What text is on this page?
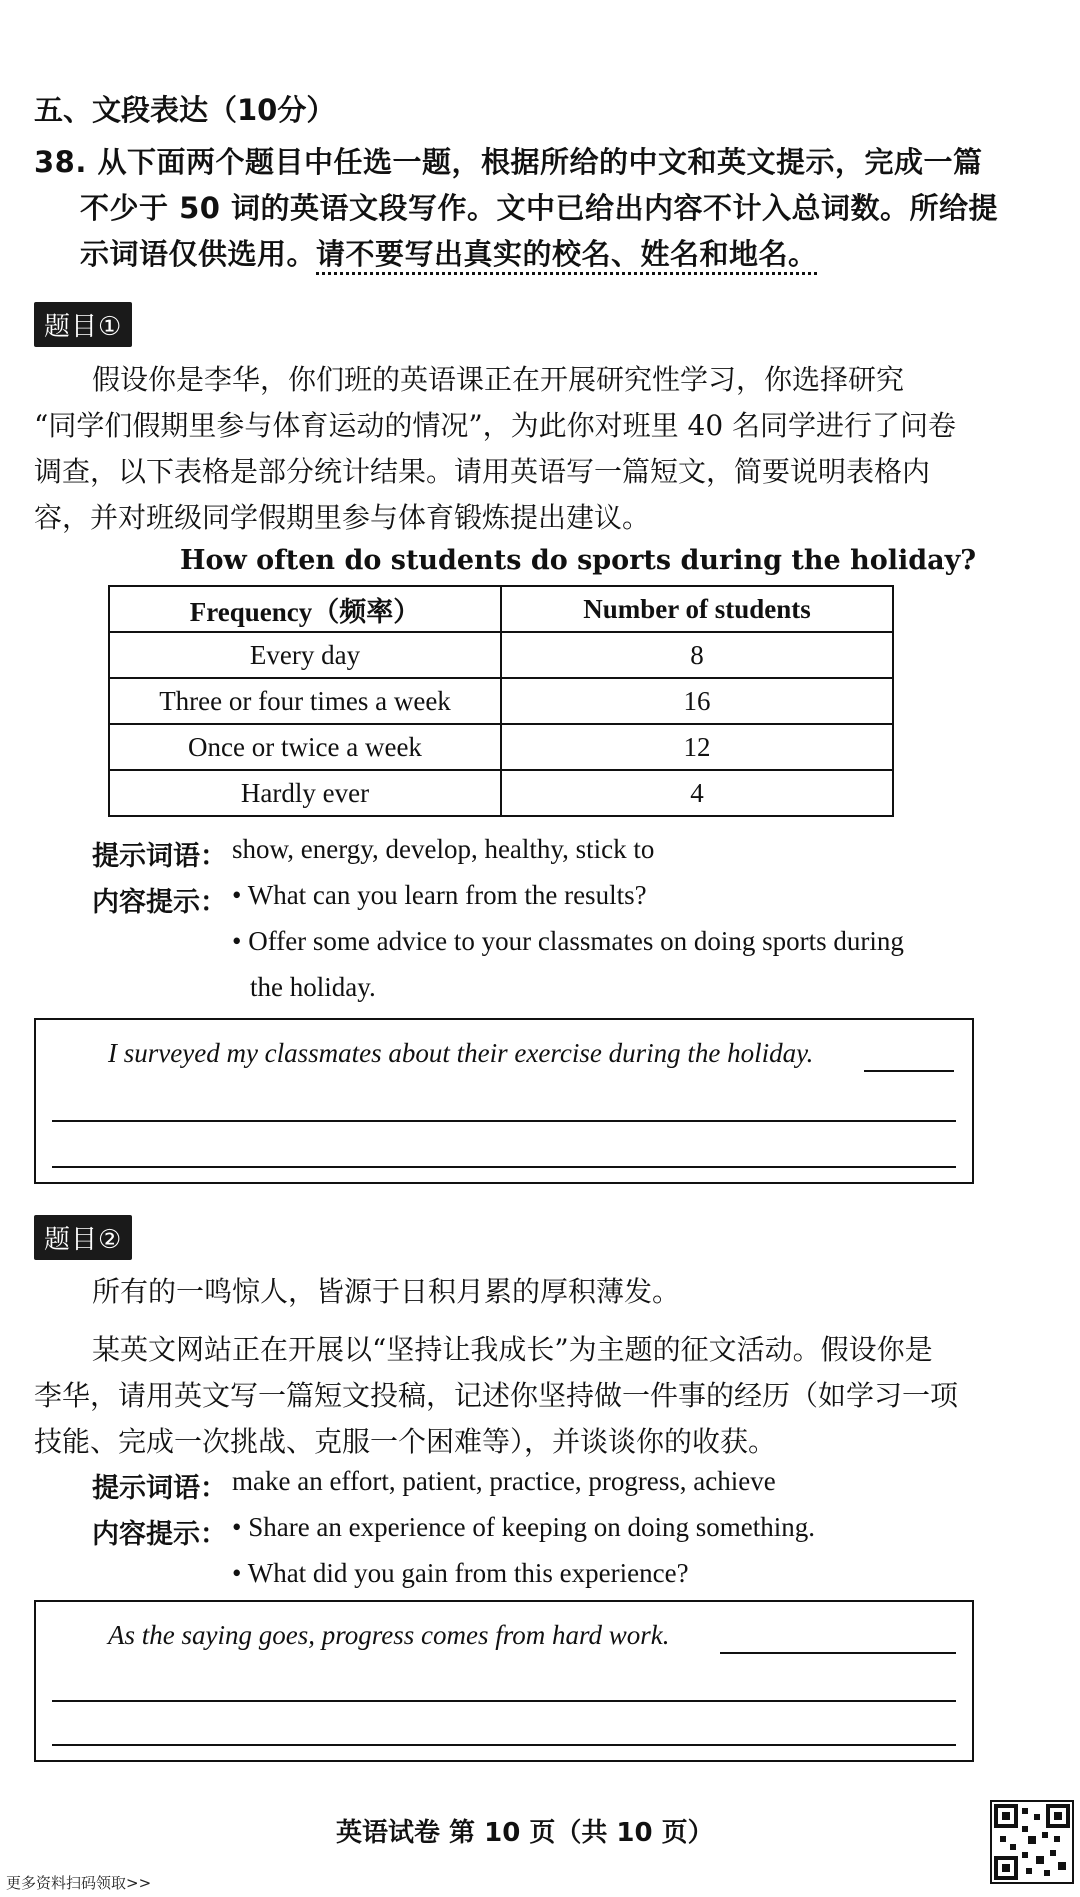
五、文段表达（10分）
38. 从下面两个题目中任选一题，根据所给的中文和英文提示，完成一篇
不少于 50 词的英语文段写作。文中已给出内容不计入总词数。所给提
示词语仅供选用。请不要写出真实的校名、姓名和地名。
题目①
假设你是李华，你们班的英语课正在开展研究性学习，你选择研究
“同学们假期里参与体育运动的情况”，为此你对班里 40 名同学进行了问卷
调查，以下表格是部分统计结果。请用英语写一篇短文，简要说明表格内
容，并对班级同学假期里参与体育锻炼提出建议。
How often do students do sports during the holiday?
Frequency（频率）	Number of students
Every day	8
Three or four times a week	16
Once or twice a week	12
Hardly ever	4
提示词语： show, energy, develop, healthy, stick to
内容提示： • What can you learn from the results?
• Offer some advice to your classmates on doing sports during
the holiday.
I surveyed my classmates about their exercise during the holiday.
题目②
所有的一鸣惊人，皆源于日积月累的厚积薄发。
某英文网站正在开展以“坚持让我成长”为主题的征文活动。假设你是
李华，请用英文写一篇短文投稿，记述你坚持做一件事的经历（如学习一项
技能、完成一次挑战、克服一个困难等），并谈谈你的收获。
提示词语： make an effort, patient, practice, progress, achieve
内容提示： • Share an experience of keeping on doing something.
• What did you gain from this experience?
As the saying goes, progress comes from hard work.
英语试卷 第 10 页（共 10 页）
更多资料扫码领取>>
